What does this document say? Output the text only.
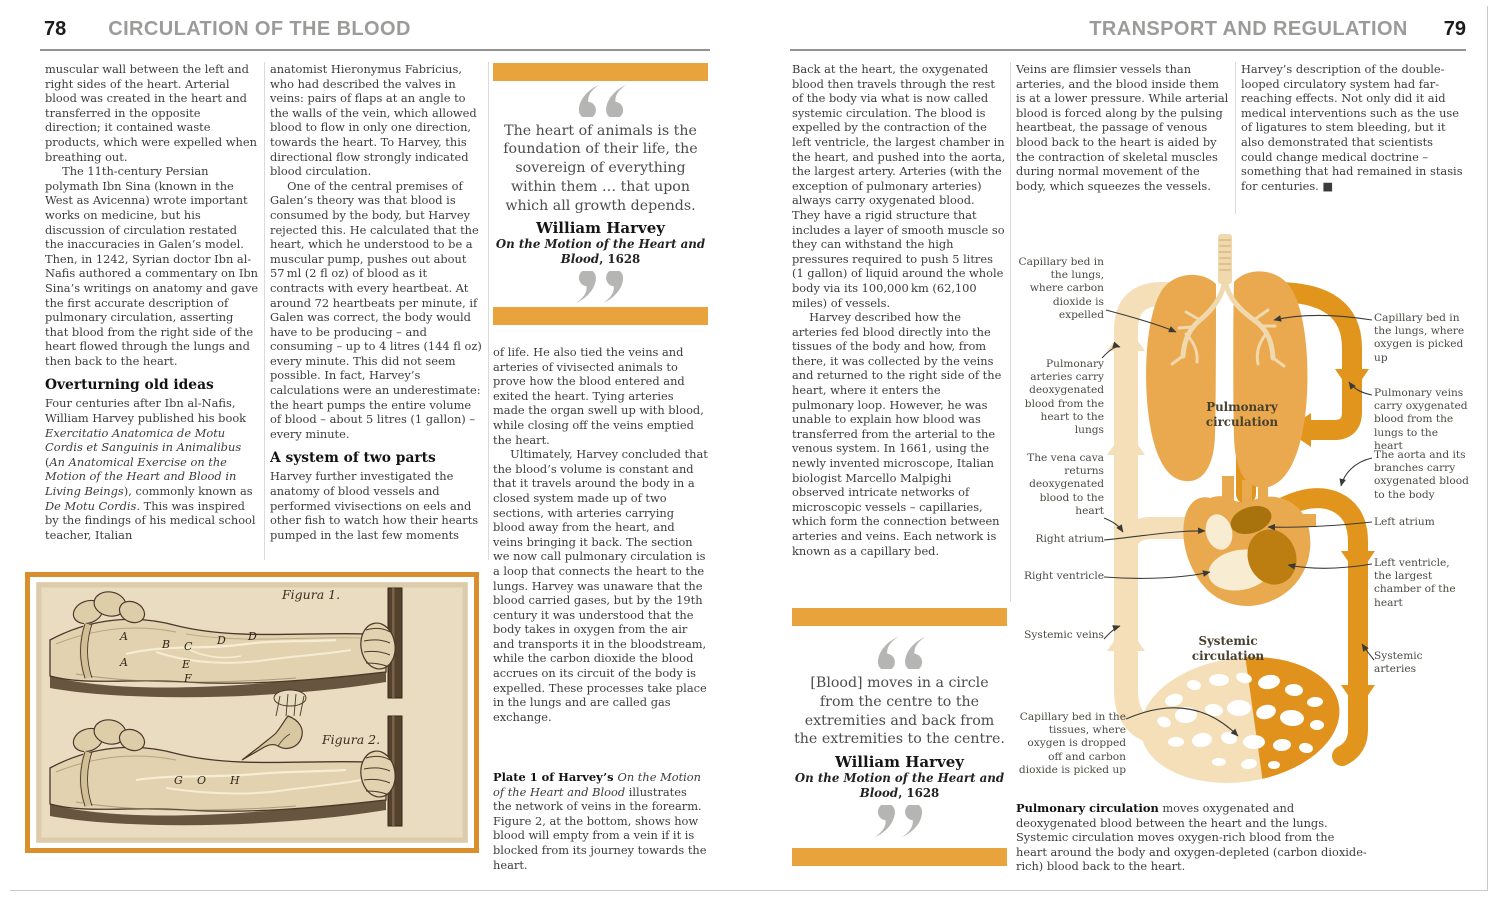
78 CIRCULATION OF THE BLOOD	TRANSPORT AND REGULATION 79

muscular wall between the left and right sides of the heart. Arterial blood was created in the heart and transferred in the opposite direction; it contained waste products, which were expelled when breathing out.

The 11th-century Persian polymath Ibn Sina (known in the West as Avicenna) wrote important works on medicine, but his discussion of circulation restated the inaccuracies in Galen’s model. Then, in 1242, Syrian doctor Ibn al-Nafis authored a commentary on Ibn Sina’s writings on anatomy and gave the first accurate description of pulmonary circulation, asserting that blood from the right side of the heart flowed through the lungs and then back to the heart.

Overturning old ideas

Four centuries after Ibn al-Nafis, William Harvey published his book Exercitatio Anatomica de Motu Cordis et Sanguinis in Animalibus (An Anatomical Exercise on the Motion of the Heart and Blood in Living Beings), commonly known as De Motu Cordis. This was inspired by the findings of his medical school teacher, Italian

anatomist Hieronymus Fabricius, who had described the valves in veins: pairs of flaps at an angle to the walls of the vein, which allowed blood to flow in only one direction, towards the heart. To Harvey, this directional flow strongly indicated blood circulation.

One of the central premises of Galen’s theory was that blood is consumed by the body, but Harvey rejected this. He calculated that the heart, which he understood to be a muscular pump, pushes out about 57 ml (2 fl oz) of blood as it contracts with every heartbeat. At around 72 heartbeats per minute, if Galen was correct, the body would have to be producing – and consuming – up to 4 litres (144 fl oz) every minute. This did not seem possible. In fact, Harvey’s calculations were an underestimate: the heart pumps the entire volume of blood – about 5 litres (1 gallon) – every minute.

A system of two parts

Harvey further investigated the anatomy of blood vessels and performed vivisections on eels and other fish to watch how their hearts pumped in the last few moments

The heart of animals is the foundation of their life, the sovereign of everything within them … that upon which all growth depends.
William Harvey
On the Motion of the Heart and Blood, 1628

of life. He also tied the veins and arteries of vivisected animals to prove how the blood entered and exited the heart. Tying arteries made the organ swell up with blood, while closing off the veins emptied the heart.

Ultimately, Harvey concluded that the blood’s volume is constant and that it travels around the body in a closed system made up of two sections, with arteries carrying blood away from the heart, and veins bringing it back. The section we now call pulmonary circulation is a loop that connects the heart to the lungs. Harvey was unaware that the blood carried gases, but by the 19th century it was understood that the body takes in oxygen from the air and transports it in the bloodstream, while the carbon dioxide the blood accrues on its circuit of the body is expelled. These processes take place in the lungs and are called gas exchange.

Plate 1 of Harvey’s On the Motion of the Heart and Blood illustrates the network of veins in the forearm. Figure 2, at the bottom, shows how blood will empty from a vein if it is blocked from its journey towards the heart.
Figura 1.
A
B C D D
A	E
F
Figura 2.
G O H

Back at the heart, the oxygenated blood then travels through the rest of the body via what is now called systemic circulation. The blood is expelled by the contraction of the left ventricle, the largest chamber in the heart, and pushed into the aorta, the largest artery. Arteries (with the exception of pulmonary arteries) always carry oxygenated blood. They have a rigid structure that includes a layer of smooth muscle so they can withstand the high pressures required to push 5 litres (1 gallon) of liquid around the whole body via its 100,000 km (62,100 miles) of vessels.

Harvey described how the arteries fed blood directly into the tissues of the body and how, from there, it was collected by the veins and returned to the right side of the heart, where it enters the pulmonary loop. However, he was unable to explain how blood was transferred from the arterial to the venous system. In 1661, using the newly invented microscope, Italian biologist Marcello Malpighi observed intricate networks of microscopic vessels – capillaries, which form the connection between arteries and veins. Each network is known as a capillary bed.

Veins are flimsier vessels than arteries, and the blood inside them is at a lower pressure. While arterial blood is forced along by the pulsing heartbeat, the passage of venous blood back to the heart is aided by the contraction of skeletal muscles during normal movement of the body, which squeezes the vessels.

Harvey’s description of the double-looped circulatory system had far-reaching effects. Not only did it aid medical interventions such as the use of ligatures to stem bleeding, but it also demonstrated that scientists could change medical doctrine – something that had remained in stasis for centuries. ■

[Blood] moves in a circle from the centre to the extremities and back from the extremities to the centre.
William Harvey
On the Motion of the Heart and Blood, 1628
Capillary bed in the lungs, where carbon dioxide is expelled
Pulmonary arteries carry deoxygenated blood from the heart to the lungs
The vena cava returns deoxygenated blood to the heart
Right atrium
Right ventricle
Systemic veins
Capillary bed in the tissues, where oxygen is dropped off and carbon dioxide is picked up
Capillary bed in the lungs, where oxygen is picked up
Pulmonary veins carry oxygenated blood from the lungs to the heart
The aorta and its branches carry oxygenated blood to the body
Left atrium
Left ventricle, the largest chamber of the heart
Systemic arteries
Pulmonary circulation
Systemic circulation
Pulmonary circulation moves oxygenated and deoxygenated blood between the heart and the lungs. Systemic circulation moves oxygen-rich blood from the heart around the body and oxygen-depleted (carbon dioxide-rich) blood back to the heart.
